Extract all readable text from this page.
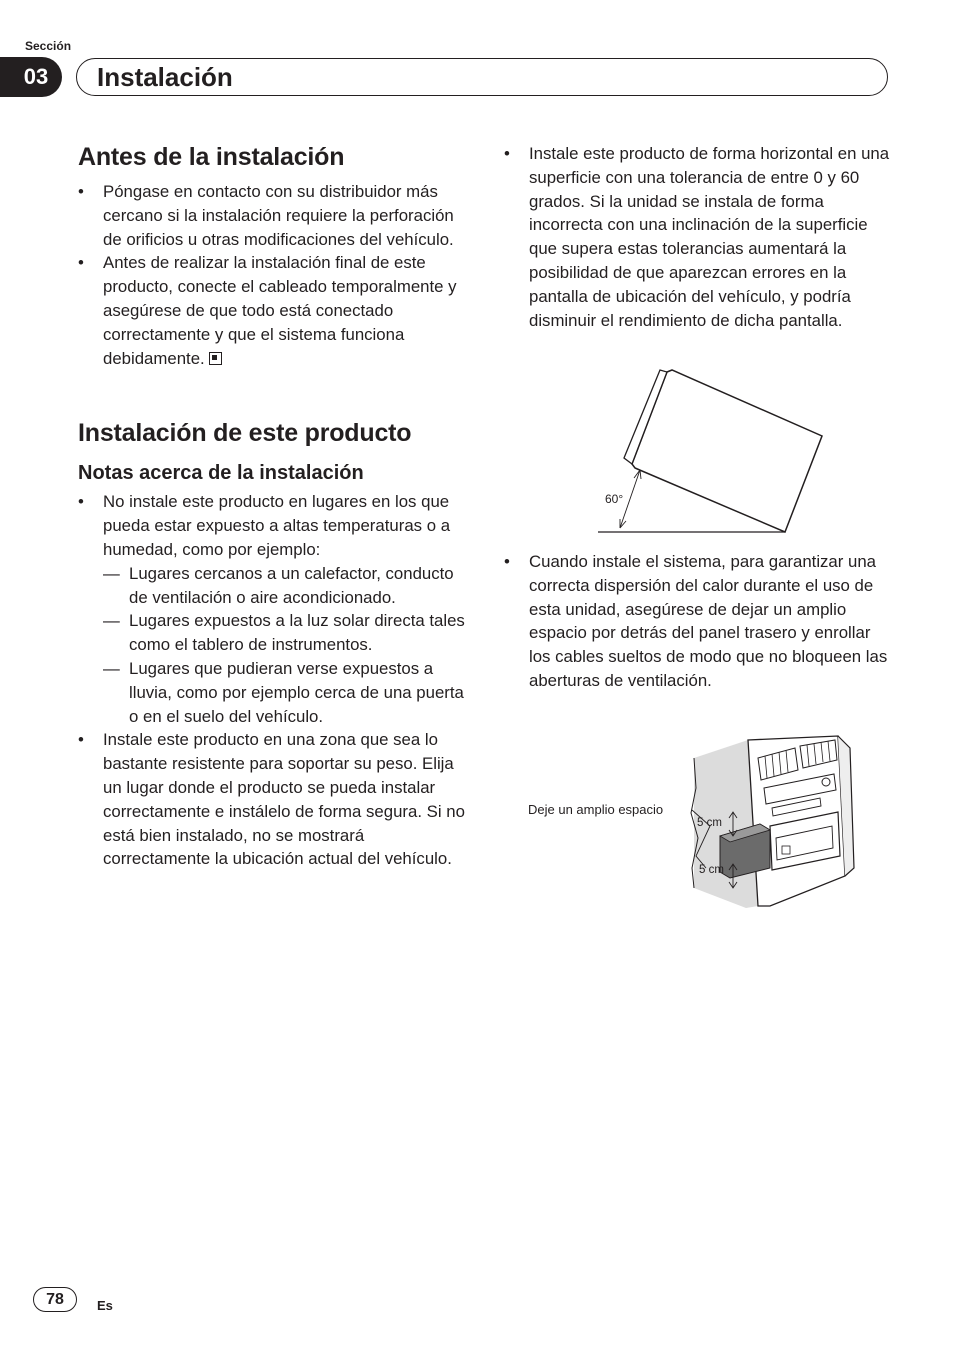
Sección
03	Instalación
Antes de la instalación
• Póngase en contacto con su distribuidor más cercano si la instalación requiere la perforación de orificios u otras modificaciones del vehículo.
• Antes de realizar la instalación final de este producto, conecte el cableado temporalmente y asegúrese de que todo está conectado correctamente y que el sistema funciona debidamente.
Instalación de este producto
Notas acerca de la instalación
• No instale este producto en lugares en los que pueda estar expuesto a altas temperaturas o a humedad, como por ejemplo:
— Lugares cercanos a un calefactor, conducto de ventilación o aire acondicionado.
— Lugares expuestos a la luz solar directa tales como el tablero de instrumentos.
— Lugares que pudieran verse expuestos a lluvia, como por ejemplo cerca de una puerta o en el suelo del vehículo.
• Instale este producto en una zona que sea lo bastante resistente para soportar su peso. Elija un lugar donde el producto se pueda instalar correctamente e instálelo de forma segura. Si no está bien instalado, no se mostrará correctamente la ubicación actual del vehículo.
• Instale este producto de forma horizontal en una superficie con una tolerancia de entre 0 y 60 grados. Si la unidad se instala de forma incorrecta con una inclinación de la superficie que supera estas tolerancias aumentará la posibilidad de que aparezcan errores en la pantalla de ubicación del vehículo, y podría disminuir el rendimiento de dicha pantalla.
60°
• Cuando instale el sistema, para garantizar una correcta dispersión del calor durante el uso de esta unidad, asegúrese de dejar un amplio espacio por detrás del panel trasero y enrollar los cables sueltos de modo que no bloqueen las aberturas de ventilación.
Deje un amplio espacio
5 cm
5 cm
78	Es
